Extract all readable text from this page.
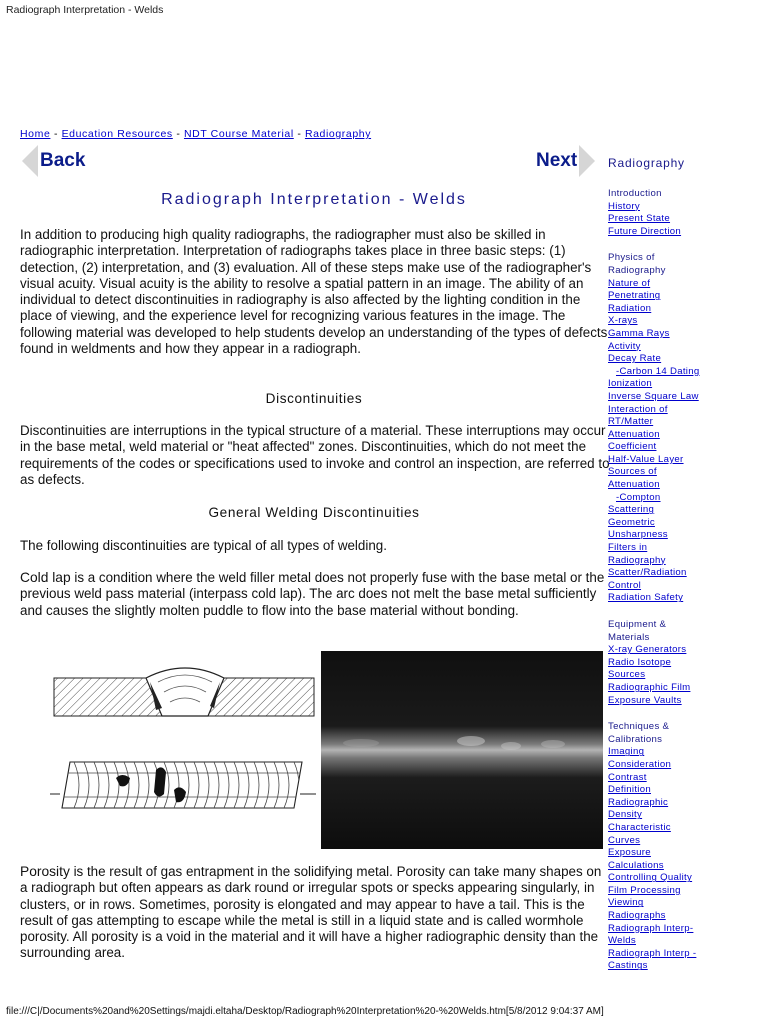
Radiograph Interpretation - Welds
Home - Education Resources - NDT Course Material - Radiography
Back	Next
Radiograph Interpretation - Welds
In addition to producing high quality radiographs, the radiographer must also be skilled in radiographic interpretation. Interpretation of radiographs takes place in three basic steps: (1) detection, (2) interpretation, and (3) evaluation. All of these steps make use of the radiographer's visual acuity. Visual acuity is the ability to resolve a spatial pattern in an image. The ability of an individual to detect discontinuities in radiography is also affected by the lighting condition in the place of viewing, and the experience level for recognizing various features in the image. The following material was developed to help students develop an understanding of the types of defects found in weldments and how they appear in a radiograph.
Discontinuities
Discontinuities are interruptions in the typical structure of a material. These interruptions may occur in the base metal, weld material or "heat affected" zones. Discontinuities, which do not meet the requirements of the codes or specifications used to invoke and control an inspection, are referred to as defects.
General Welding Discontinuities
The following discontinuities are typical of all types of welding.
Cold lap is a condition where the weld filler metal does not properly fuse with the base metal or the previous weld pass material (interpass cold lap). The arc does not melt the base metal sufficiently and causes the slightly molten puddle to flow into the base material without bonding.
Porosity is the result of gas entrapment in the solidifying metal. Porosity can take many shapes on a radiograph but often appears as dark round or irregular spots or specks appearing singularly, in clusters, or in rows. Sometimes, porosity is elongated and may appear to have a tail. This is the result of gas attempting to escape while the metal is still in a liquid state and is called wormhole porosity. All porosity is a void in the material and it will have a higher radiographic density than the surrounding area.
Radiography
Introduction
History
Present State
Future Direction
Physics of
Radiography
Nature of
Penetrating
Radiation
X-rays
Gamma Rays
Activity
Decay Rate
-Carbon 14 Dating
Ionization
Inverse Square Law
Interaction of
RT/Matter
Attenuation
Coefficient
Half-Value Layer
Sources of
Attenuation
-Compton
Scattering
Geometric
Unsharpness
Filters in
Radiography
Scatter/Radiation
Control
Radiation Safety
Equipment &
Materials
X-ray Generators
Radio Isotope
Sources
Radiographic Film
Exposure Vaults
Techniques &
Calibrations
Imaging
Consideration
Contrast
Definition
Radiographic
Density
Characteristic
Curves
Exposure
Calculations
Controlling Quality
Film Processing
Viewing
Radiographs
Radiograph Interp-
Welds
Radiograph Interp -
Castings
file:///C|/Documents%20and%20Settings/majdi.eltaha/Desktop/Radiograph%20Interpretation%20-%20Welds.htm[5/8/2012 9:04:37 AM]
